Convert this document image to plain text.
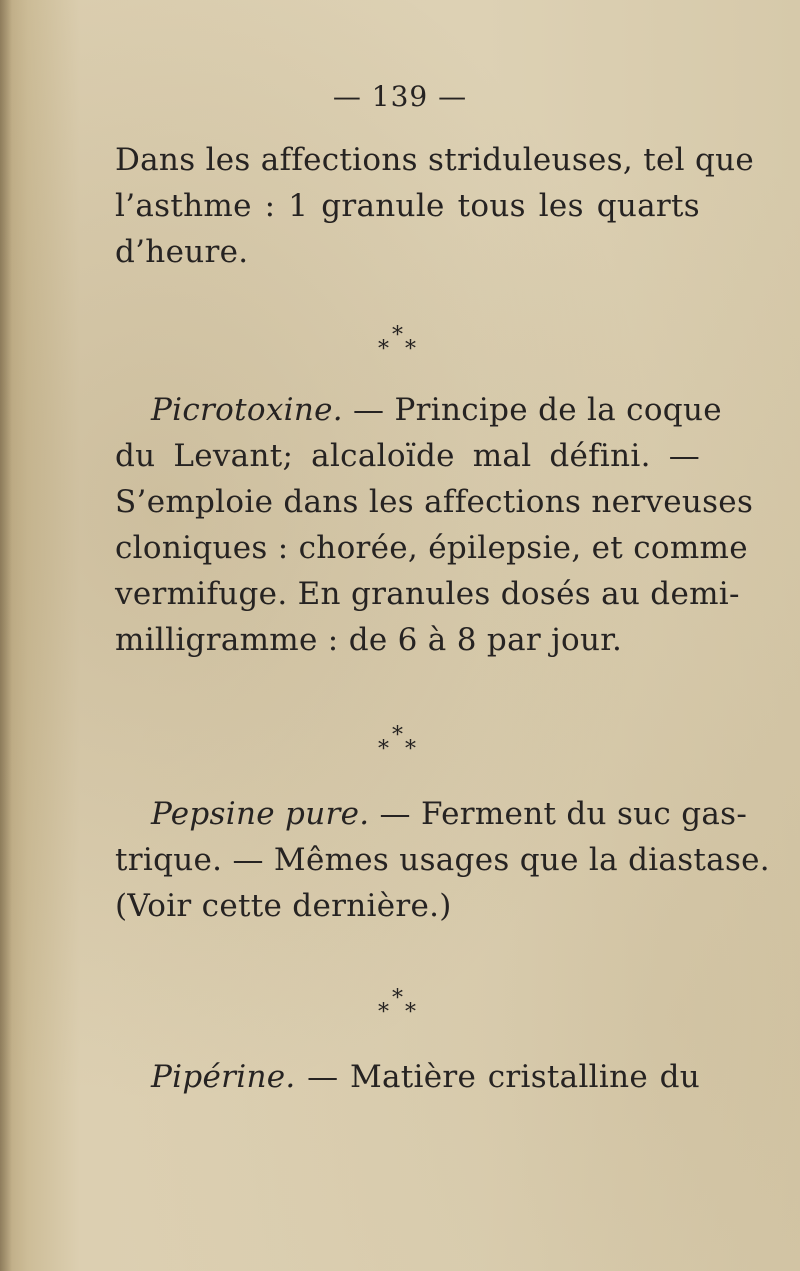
— 139 —
Dans les affections striduleuses, tel que
l’asthme : 1 granule tous les quarts
d’heure.
*
* *
Picrotoxine. — Principe de la coque
du Levant; alcaloïde mal défini. —
S’emploie dans les affections nerveuses
cloniques : chorée, épilepsie, et comme
vermifuge. En granules dosés au demi-
milligramme : de 6 à 8 par jour.
*
* *
Pepsine pure. — Ferment du suc gas-
trique. — Mêmes usages que la diastase.
(Voir cette dernière.)
*
* *
Pipérine. — Matière cristalline du
